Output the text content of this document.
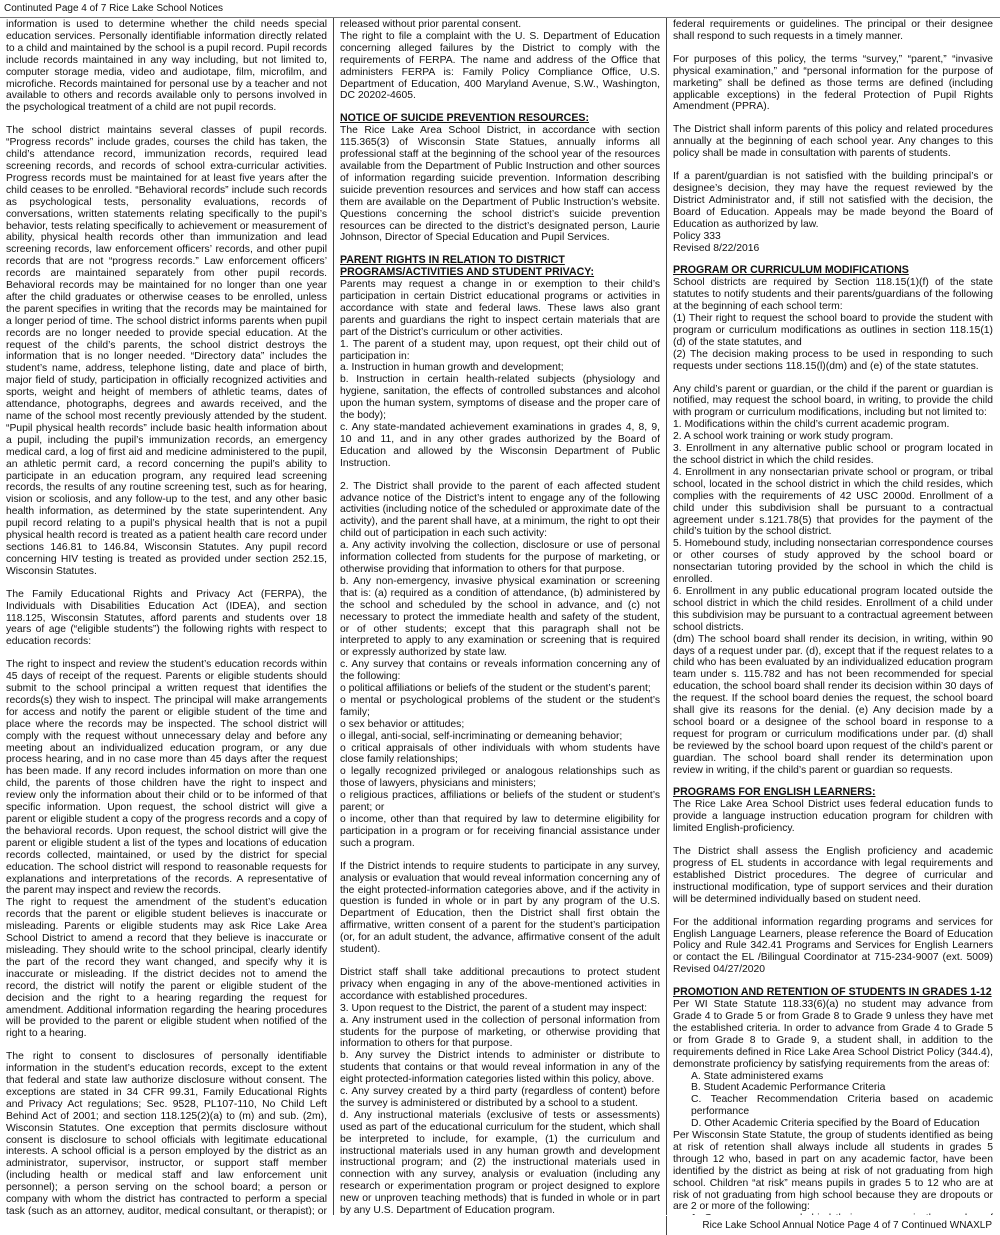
Continuted Page 4 of 7 Rice Lake School Notices

information is used to determine whether the child needs special education services. Personally identifiable information directly related to a child and maintained by the school is a pupil record. Pupil records include records maintained in any way including, but not limited to, computer storage media, video and audiotape, film, microfilm, and microfiche. Records maintained for personal use by a teacher and not available to others and records available only to persons involved in the psychological treatment of a child are not pupil records.

The school district maintains several classes of pupil records. “Progress records” include grades, courses the child has taken, the child’s attendance record, immunization records, required lead screening records, and records of school extra-curricular activities. Progress records must be maintained for at least five years after the child ceases to be enrolled. “Behavioral records” include such records as psychological tests, personality evaluations, records of conversations, written statements relating specifically to the pupil’s behavior, tests relating specifically to achievement or measurement of ability, physical health records other than immunization and lead screening records, law enforcement officers’ records, and other pupil records that are not “progress records.” Law enforcement officers’ records are maintained separately from other pupil records. Behavioral records may be maintained for no longer than one year after the child graduates or otherwise ceases to be enrolled, unless the parent specifies in writing that the records may be maintained for a longer period of time. The school district informs parents when pupil records are no longer needed to provide special education. At the request of the child’s parents, the school district destroys the information that is no longer needed. “Directory data” includes the student’s name, address, telephone listing, date and place of birth, major field of study, participation in officially recognized activities and sports, weight and height of members of athletic teams, dates of attendance, photographs, degrees and awards received, and the name of the school most recently previously attended by the student. “Pupil physical health records” include basic health information about a pupil, including the pupil’s immunization records, an emergency medical card, a log of first aid and medicine administered to the pupil, an athletic permit card, a record concerning the pupil’s ability to participate in an education program, any required lead screening records, the results of any routine screening test, such as for hearing, vision or scoliosis, and any follow-up to the test, and any other basic health information, as determined by the state superintendent. Any pupil record relating to a pupil’s physical health that is not a pupil physical health record is treated as a patient health care record under sections 146.81 to 146.84, Wisconsin Statutes. Any pupil record concerning HIV testing is treated as provided under section 252.15, Wisconsin Statutes.

The Family Educational Rights and Privacy Act (FERPA), the Individuals with Disabilities Education Act (IDEA), and section 118.125, Wisconsin Statutes, afford parents and students over 18 years of age (“eligible students”) the following rights with respect to education records:

The right to inspect and review the student’s education records within 45 days of receipt of the request. Parents or eligible students should submit to the school principal a written request that identifies the records(s) they wish to inspect. The principal will make arrangements for access and notify the parent or eligible student of the time and place where the records may be inspected. The school district will comply with the request without unnecessary delay and before any meeting about an individualized education program, or any due process hearing, and in no case more than 45 days after the request has been made. If any record includes information on more than one child, the parents of those children have the right to inspect and review only the information about their child or to be informed of that specific information. Upon request, the school district will give a parent or eligible student a copy of the progress records and a copy of the behavioral records. Upon request, the school district will give the parent or eligible student a list of the types and locations of education records collected, maintained, or used by the district for special education. The school district will respond to reasonable requests for explanations and interpretations of the records. A representative of the parent may inspect and review the records.

The right to request the amendment of the student’s education records that the parent or eligible student believes is inaccurate or misleading. Parents or eligible students may ask Rice Lake Area School District to amend a record that they believe is inaccurate or misleading. They should write to the school principal, clearly identify the part of the record they want changed, and specify why it is inaccurate or misleading. If the district decides not to amend the record, the district will notify the parent or eligible student of the decision and the right to a hearing regarding the request for amendment. Additional information regarding the hearing procedures will be provided to the parent or eligible student when notified of the right to a hearing.

The right to consent to disclosures of personally identifiable information in the student’s education records, except to the extent that federal and state law authorize disclosure without consent. The exceptions are stated in 34 CFR 99.31, Family Educational Rights and Privacy Act regulations; Sec. 9528, PL107-110, No Child Left Behind Act of 2001; and section 118.125(2)(a) to (m) and sub. (2m), Wisconsin Statutes. One exception that permits disclosure without consent is disclosure to school officials with legitimate educational interests. A school official is a person employed by the district as an administrator, supervisor, instructor, or support staff member (including health or medical staff and law enforcement unit personnel); a person serving on the school board; a person or company with whom the district has contracted to perform a special task (such as an attorney, auditor, medical consultant, or therapist); or

released without prior parental consent.

The right to file a complaint with the U. S. Department of Education concerning alleged failures by the District to comply with the requirements of FERPA. The name and address of the Office that administers FERPA is: Family Policy Compliance Office, U.S. Department of Education, 400 Maryland Avenue, S.W., Washington, DC 20202-4605.

NOTICE OF SUICIDE PREVENTION RESOURCES:

The Rice Lake Area School District, in accordance with section 115.365(3) of Wisconsin State Statues, annually informs all professional staff at the beginning of the school year of the resources available from the Department of Public Instruction and other sources of information regarding suicide prevention. Information describing suicide prevention resources and services and how staff can access them are available on the Department of Public Instruction’s website. Questions concerning the school district’s suicide prevention resources can be directed to the district’s designated person, Laurie Johnson, Director of Special Education and Pupil Services.

PARENT RIGHTS IN RELATION TO DISTRICT PROGRAMS/ACTIVITIES AND STUDENT PRIVACY:

Parents may request a change in or exemption to their child’s participation in certain District educational programs or activities in accordance with state and federal laws. These laws also grant parents and guardians the right to inspect certain materials that are part of the District’s curriculum or other activities.

1. The parent of a student may, upon request, opt their child out of participation in:

a. Instruction in human growth and development;
b. Instruction in certain health-related subjects (physiology and hygiene, sanitation, the effects of controlled substances and alcohol upon the human system, symptoms of disease and the proper care of the body);
c. Any state-mandated achievement examinations in grades 4, 8, 9, 10 and 11, and in any other grades authorized by the Board of Education and allowed by the Wisconsin Department of Public Instruction.

2. The District shall provide to the parent of each affected student advance notice of the District’s intent to engage any of the following activities (including notice of the scheduled or approximate date of the activity), and the parent shall have, at a minimum, the right to opt their child out of participation in each such activity:

a. Any activity involving the collection, disclosure or use of personal information collected from students for the purpose of marketing, or otherwise providing that information to others for that purpose.

b. Any non-emergency, invasive physical examination or screening that is: (a) required as a condition of attendance, (b) administered by the school and scheduled by the school in advance, and (c) not necessary to protect the immediate health and safety of the student, or of other students; except that this paragraph shall not be interpreted to apply to any examination or screening that is required or expressly authorized by state law.

c. Any survey that contains or reveals information concerning any of the following:

o political affiliations or beliefs of the student or the student’s parent;
o mental or psychological problems of the student or the student’s family;
o sex behavior or attitudes;
o illegal, anti-social, self-incriminating or demeaning behavior;
o critical appraisals of other individuals with whom students have close family relationships;
o legally recognized privileged or analogous relationships such as those of lawyers, physicians and ministers;
o religious practices, affiliations or beliefs of the student or student’s parent; or
o income, other than that required by law to determine eligibility for participation in a program or for receiving financial assistance under such a program.

If the District intends to require students to participate in any survey, analysis or evaluation that would reveal information concerning any of the eight protected-information categories above, and if the activity in question is funded in whole or in part by any program of the U.S. Department of Education, then the District shall first obtain the affirmative, written consent of a parent for the student’s participation (or, for an adult student, the advance, affirmative consent of the adult student).

District staff shall take additional precautions to protect student privacy when engaging in any of the above-mentioned activities in accordance with established procedures.

3. Upon request to the District, the parent of a student may inspect:

a. Any instrument used in the collection of personal information from students for the purpose of marketing, or otherwise providing that information to others for that purpose.

b. Any survey the District intends to administer or distribute to students that contains or that would reveal information in any of the eight protected-information categories listed within this policy, above.

c. Any survey created by a third party (regardless of content) before the survey is administered or distributed by a school to a student.

d. Any instructional materials (exclusive of tests or assessments) used as part of the educational curriculum for the student, which shall be interpreted to include, for example, (1) the curriculum and instructional materials used in any human growth and development instructional program; and (2) the instructional materials used in connection with any survey, analysis or evaluation (including any research or experimentation program or project designed to explore new or unproven teaching methods) that is funded in whole or in part by any U.S. Department of Education program.

federal requirements or guidelines. The principal or their designee shall respond to such requests in a timely manner.

For purposes of this policy, the terms “survey,” “parent,” “invasive physical examination,” and “personal information for the purpose of marketing” shall be defined as those terms are defined (including applicable exceptions) in the federal Protection of Pupil Rights Amendment (PPRA).

The District shall inform parents of this policy and related procedures annually at the beginning of each school year. Any changes to this policy shall be made in consultation with parents of students.

If a parent/guardian is not satisfied with the building principal’s or designee’s decision, they may have the request reviewed by the District Administrator and, if still not satisfied with the decision, the Board of Education. Appeals may be made beyond the Board of Education as authorized by law.

Policy 333

Revised 8/22/2016

PROGRAM OR CURRICULUM MODIFICATIONS

School districts are required by Section 118.15(1)(f) of the state statutes to notify students and their parents/guardians of the following at the beginning of each school term:

(1) Their right to request the school board to provide the student with program or curriculum modifications as outlines in section 118.15(1)(d) of the state statutes, and

(2) The decision making process to be used in responding to such requests under sections 118.15(l)(dm) and (e) of the state statutes.

Any child’s parent or guardian, or the child if the parent or guardian is notified, may request the school board, in writing, to provide the child with program or curriculum modifications, including but not limited to:

1. Modifications within the child’s current academic program.
2. A school work training or work study program.
3. Enrollment in any alternative public school or program located in the school district in which the child resides.
4. Enrollment in any nonsectarian private school or program, or tribal school, located in the school district in which the child resides, which complies with the requirements of 42 USC 2000d. Enrollment of a child under this subdivision shall be pursuant to a contractual agreement under s.121.78(5) that provides for the payment of the child’s tuition by the school district.
5. Homebound study, including nonsectarian correspondence courses or other courses of study approved by the school board or nonsectarian tutoring provided by the school in which the child is enrolled.
6. Enrollment in any public educational program located outside the school district in which the child resides. Enrollment of a child under this subdivision may be pursuant to a contractual agreement between school districts.

(dm) The school board shall render its decision, in writing, within 90 days of a request under par. (d), except that if the request relates to a child who has been evaluated by an individualized education program team under s. 115.782 and has not been recommended for special education, the school board shall render its decision within 30 days of the request. If the school board denies the request, the school board shall give its reasons for the denial. (e) Any decision made by a school board or a designee of the school board in response to a request for program or curriculum modifications under par. (d) shall be reviewed by the school board upon request of the child’s parent or guardian. The school board shall render its determination upon review in writing, if the child’s parent or guardian so requests.

PROGRAMS FOR ENGLISH LEARNERS:

The Rice Lake Area School District uses federal education funds to provide a language instruction education program for children with limited English-proficiency.

The District shall assess the English proficiency and academic progress of EL students in accordance with legal requirements and established District procedures. The degree of curricular and instructional modification, type of support services and their duration will be determined individually based on student need.

For the additional information regarding programs and services for English Language Learners, please reference the Board of Education Policy and Rule 342.41 Programs and Services for English Learners or contact the EL /Bilingual Coordinator at 715-234-9007 (ext. 5009) Revised 04/27/2020

PROMOTION AND RETENTION OF STUDENTS IN GRADES 1-12

Per WI State Statute 118.33(6)(a) no student may advance from Grade 4 to Grade 5 or from Grade 8 to Grade 9 unless they have met the established criteria. In order to advance from Grade 4 to Grade 5 or from Grade 8 to Grade 9, a student shall, in addition to the requirements defined in Rice Lake Area School District Policy (344.4), demonstrate proficiency by satisfying requirements from the areas of:

A. State administered exams
B. Student Academic Performance Criteria
C. Teacher Recommendation Criteria based on academic performance
D. Other Academic Criteria specified by the Board of Education

Per Wisconsin State Statute, the group of students identified as being at risk of retention shall always include all students in grades 5 through 12 who, based in part on any academic factor, have been identified by the district as being at risk of not graduating from high school. Children “at risk” means pupils in grades 5 to 12 who are at risk of not graduating from high school because they are dropouts or are 2 or more of the following:

Rice Lake School Annual Notice Page 4 of 7 Continued WNAXLP
